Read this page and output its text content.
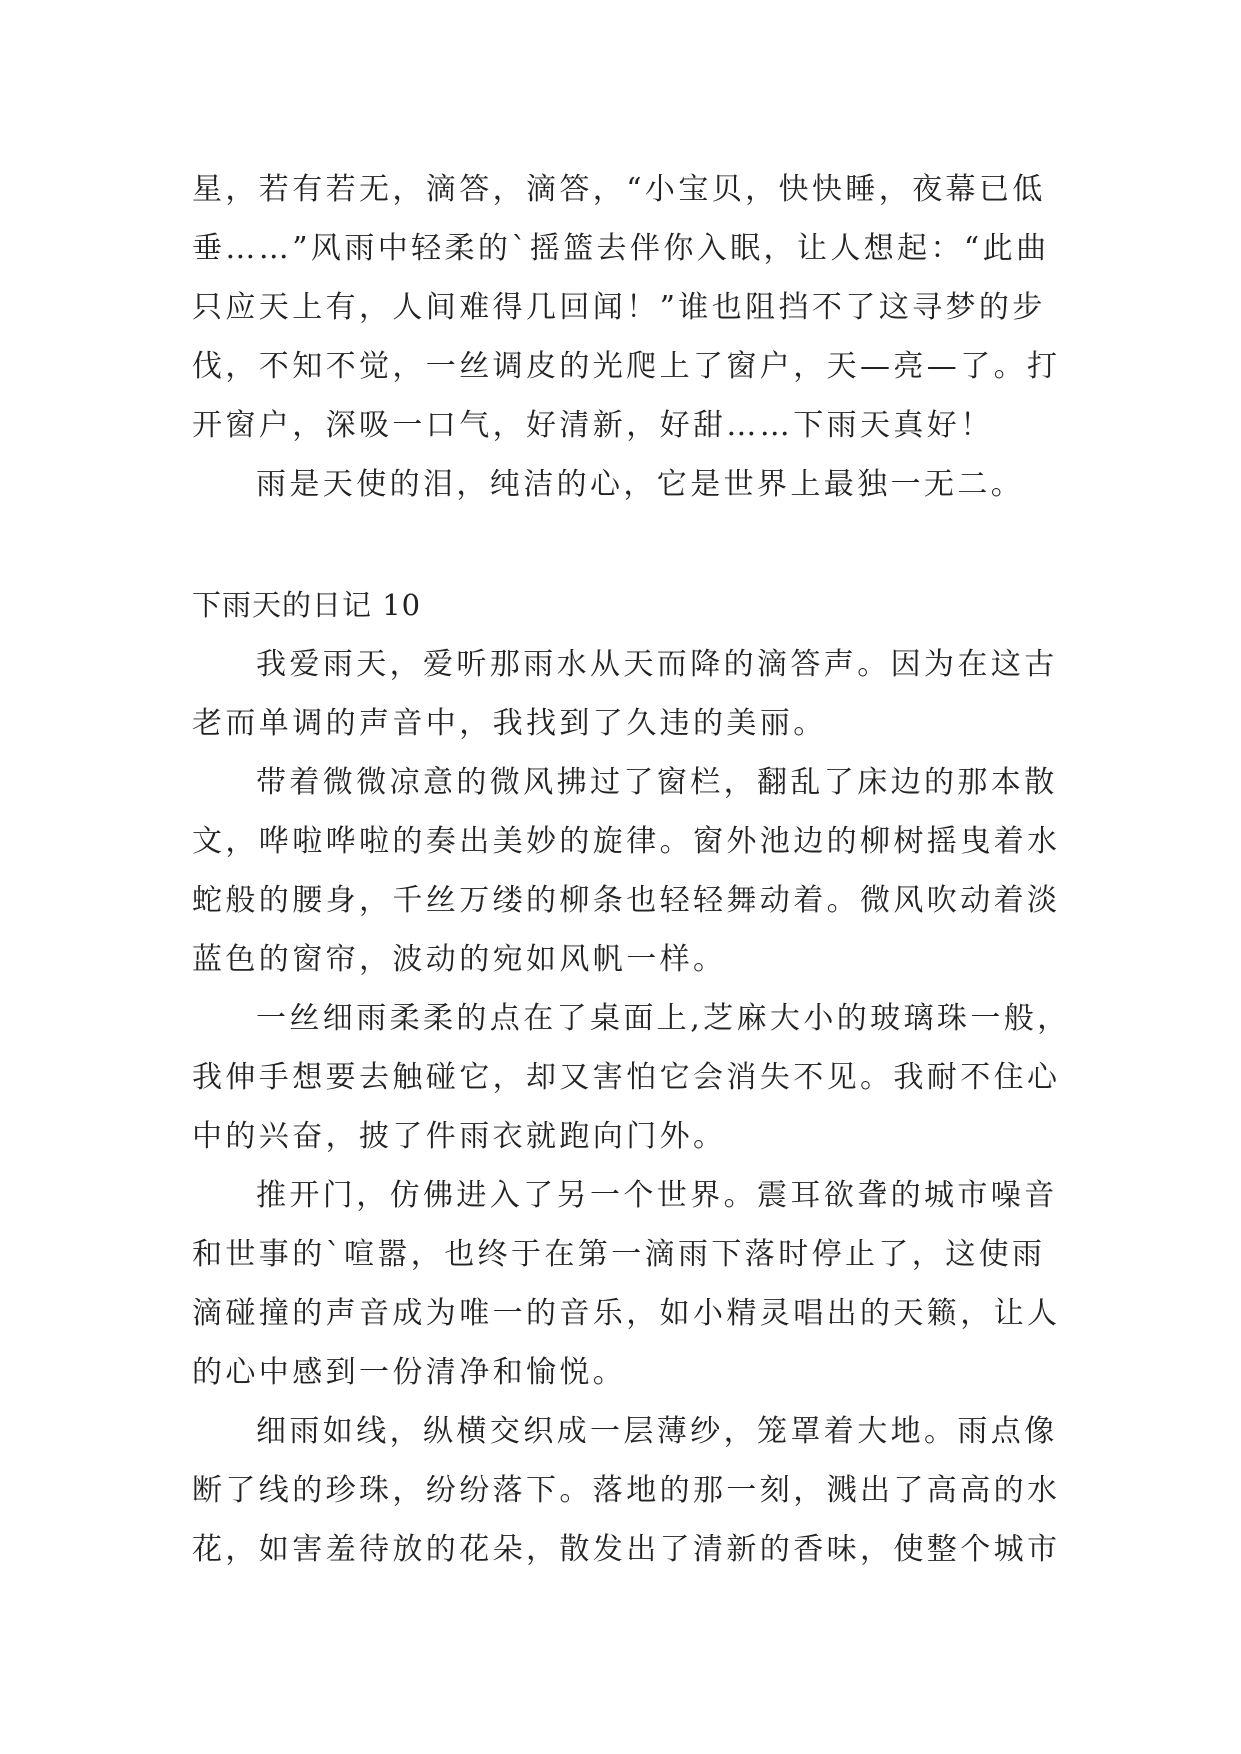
星，若有若无，滴答，滴答，“小宝贝，快快睡，夜幕已低
垂……”风雨中轻柔的`摇篮去伴你入眠，让人想起：“此曲
只应天上有，人间难得几回闻！”谁也阻挡不了这寻梦的步
伐，不知不觉，一丝调皮的光爬上了窗户，天—亮—了。打
开窗户，深吸一口气，好清新，好甜……下雨天真好！
雨是天使的泪，纯洁的心，它是世界上最独一无二。
下雨天的日记 10
我爱雨天，爱听那雨水从天而降的滴答声。因为在这古
老而单调的声音中，我找到了久违的美丽。
带着微微凉意的微风拂过了窗栏，翻乱了床边的那本散
文，哗啦哗啦的奏出美妙的旋律。窗外池边的柳树摇曳着水
蛇般的腰身，千丝万缕的柳条也轻轻舞动着。微风吹动着淡
蓝色的窗帘，波动的宛如风帆一样。
一丝细雨柔柔的点在了桌面上,芝麻大小的玻璃珠一般，
我伸手想要去触碰它，却又害怕它会消失不见。我耐不住心
中的兴奋，披了件雨衣就跑向门外。
推开门，仿佛进入了另一个世界。震耳欲聋的城市噪音
和世事的`喧嚣，也终于在第一滴雨下落时停止了，这使雨
滴碰撞的声音成为唯一的音乐，如小精灵唱出的天籁，让人
的心中感到一份清净和愉悦。
细雨如线，纵横交织成一层薄纱，笼罩着大地。雨点像
断了线的珍珠，纷纷落下。落地的那一刻，溅出了高高的水
花，如害羞待放的花朵，散发出了清新的香味，使整个城市
